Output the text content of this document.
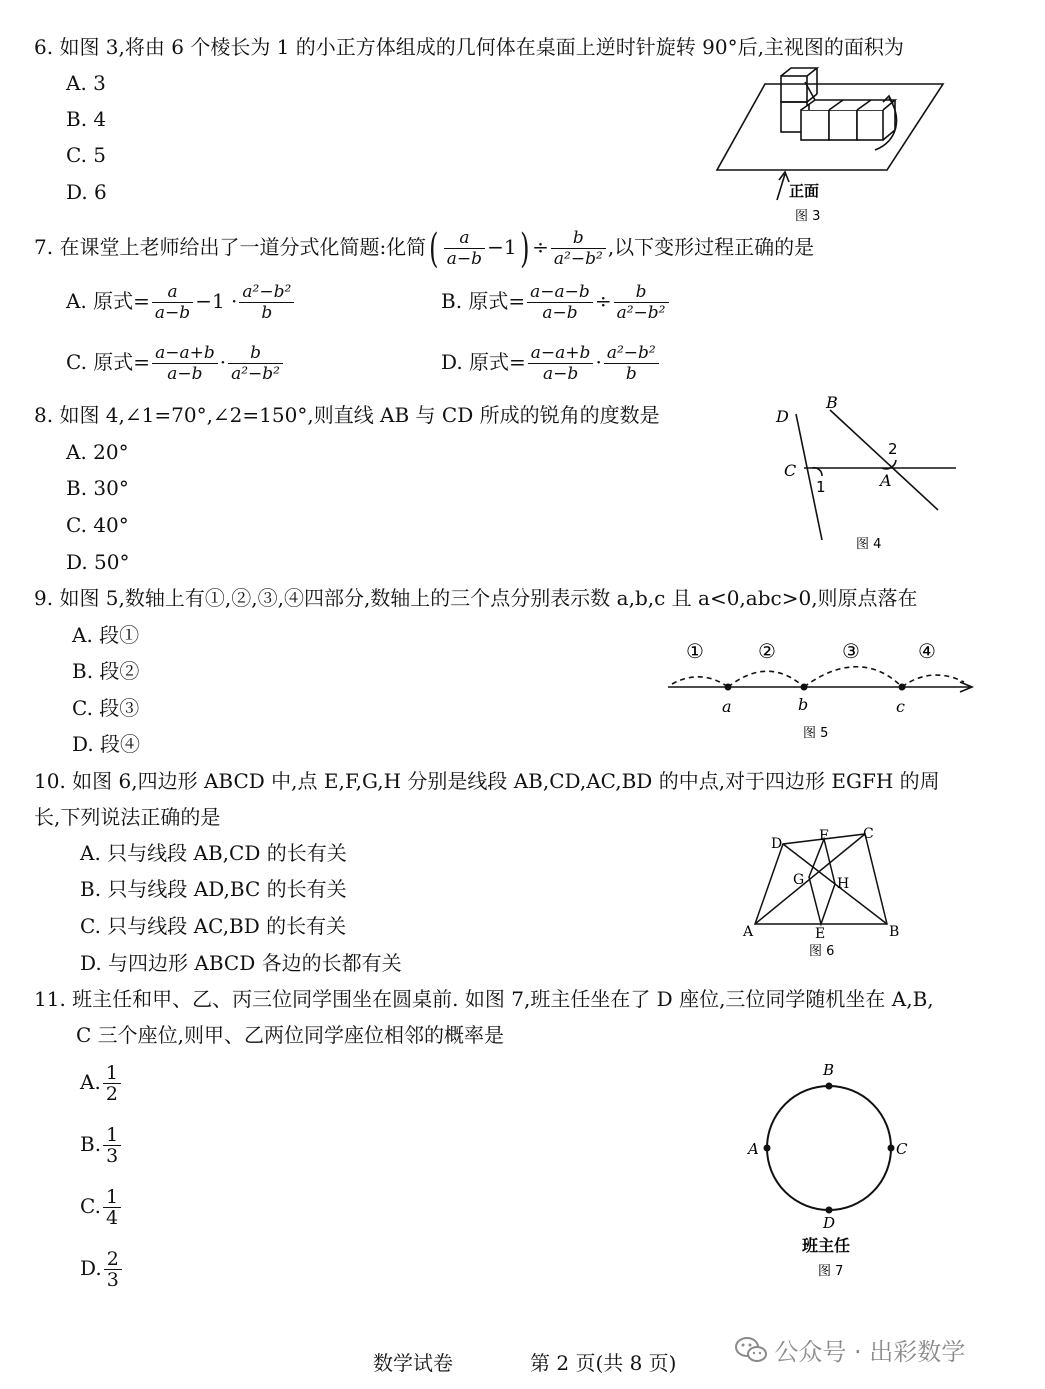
6. 如图 3,将由 6 个棱长为 1 的小正方体组成的几何体在桌面上逆时针旋转 90°后,主视图的面积为
A. 3
B. 4
C. 5
D. 6	正面
图 3
7. 在课堂上老师给出了一道分式化简题:化简( $\frac{a}{a-b} -1) \div \frac{b}{\text{a²−b²}}$ ,以下变形过程正确的是
A. 原式= $\frac{a}{a-b} -1 \cdot \frac{\text{a²−b²}}{b}$	B. 原式= $\frac{a-a-b}{a-b} \div \frac{b}{\text{a²−b²}}$
C. 原式= $\frac{a-a+b}{a-b} \cdot \frac{b}{\text{a²−b²}}$	D. 原式= $\frac{a-a+b}{a-b} \cdot \frac{\text{a²−b²}}{b}$
8. 如图 4,∠1=70°,∠2=150°,则直线 AB 与 CD 所成的锐角的度数是
A. 20°
B. 30°
C. 40°
D. 50°
D
B
C
A
1
2
图 4
9. 如图 5,数轴上有①,②,③,④四部分,数轴上的三个点分别表示数 a,b,c 且 a<0,abc>0,则原点落在
A. 段①
B. 段②
C. 段③
D. 段④
①	②	③	④
a	b	c
图 5
10. 如图 6,四边形 ABCD 中,点 E,F,G,H 分别是线段 AB,CD,AC,BD 的中点,对于四边形 EGFH 的周
长,下列说法正确的是
A. 只与线段 AB,CD 的长有关
B. 只与线段 AD,BC 的长有关
C. 只与线段 AC,BD 的长有关
D. 与四边形 ABCD 各边的长都有关
A	B
C
D	F
G H
E
图 6
11. 班主任和甲、乙、丙三位同学围坐在圆桌前. 如图 7,班主任坐在了 D 座位,三位同学随机坐在 A,B,
C 三个座位,则甲、乙两位同学座位相邻的概率是
A. $\frac{1}{2}$
B. $\frac{1}{3}$
C. $\frac{1}{4}$
D. $\frac{2}{3}$
B
A	C
D
班主任
图 7
数学试卷	第 2 页(共 8 页)	公众号 · 出彩数学
